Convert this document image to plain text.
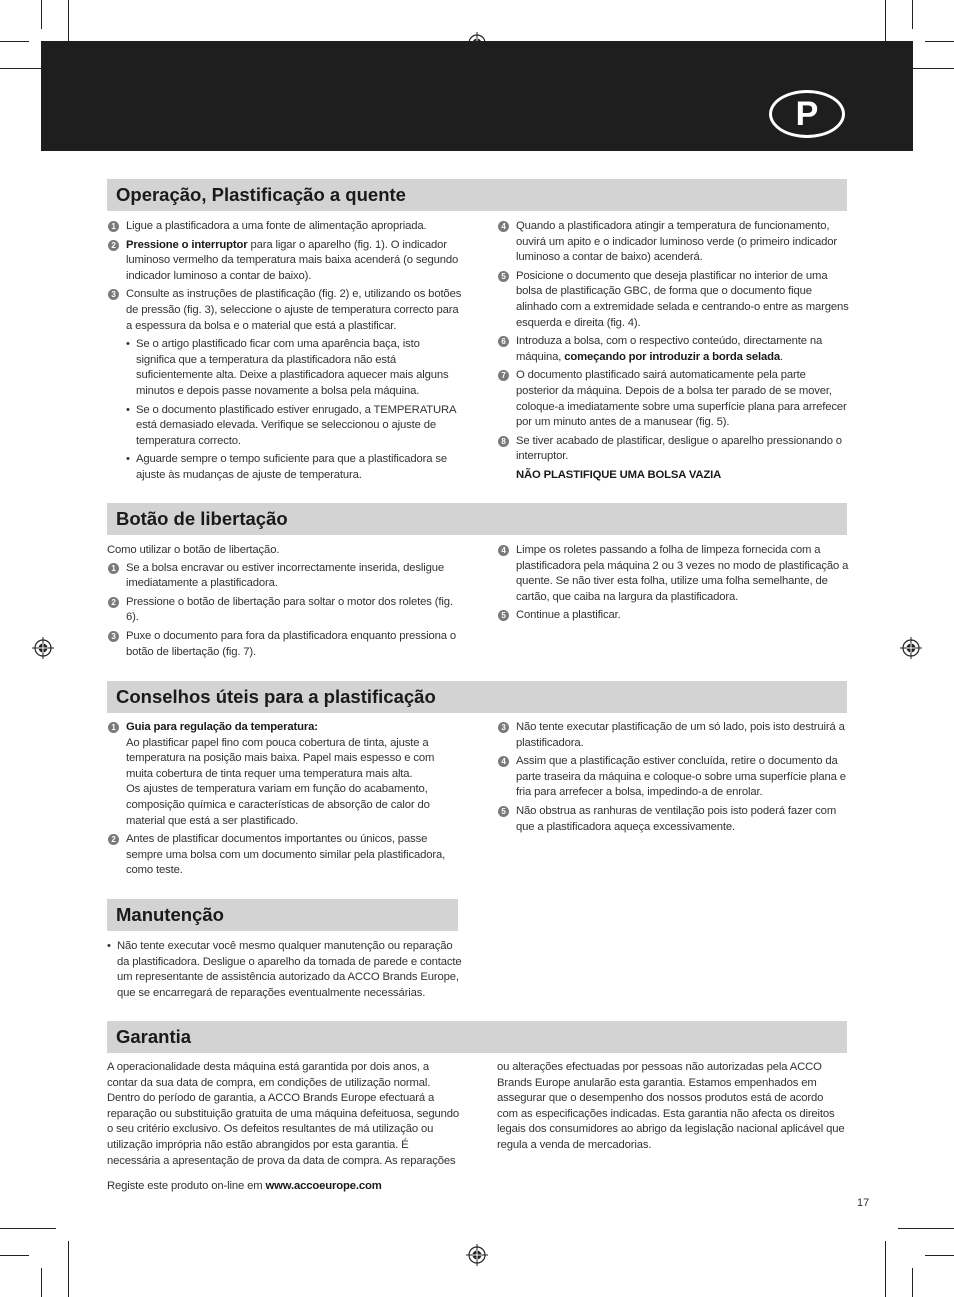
P
Operação, Plastificação a quente
1 Ligue a plastificadora a uma fonte de alimentação apropriada.
2 Pressione o interruptor para ligar o aparelho (fig. 1). O indicador luminoso vermelho da temperatura mais baixa acenderá (o segundo indicador luminoso a contar de baixo).
3 Consulte as instruções de plastificação (fig. 2) e, utilizando os botões de pressão (fig. 3), seleccione o ajuste de temperatura correcto para a espessura da bolsa e o material que está a plastificar.
• Se o artigo plastificado ficar com uma aparência baça, isto significa que a temperatura da plastificadora não está suficientemente alta. Deixe a plastificadora aquecer mais alguns minutos e depois passe novamente a bolsa pela máquina.
• Se o documento plastificado estiver enrugado, a TEMPERATURA está demasiado elevada. Verifique se seleccionou o ajuste de temperatura correcto.
• Aguarde sempre o tempo suficiente para que a plastificadora se ajuste às mudanças de ajuste de temperatura.
4 Quando a plastificadora atingir a temperatura de funcionamento, ouvirá um apito e o indicador luminoso verde (o primeiro indicador luminoso a contar de baixo) acenderá.
5 Posicione o documento que deseja plastificar no interior de uma bolsa de plastificação GBC, de forma que o documento fique alinhado com a extremidade selada e centrando-o entre as margens esquerda e direita (fig. 4).
6 Introduza a bolsa, com o respectivo conteúdo, directamente na máquina, começando por introduzir a borda selada.
7 O documento plastificado sairá automaticamente pela parte posterior da máquina. Depois de a bolsa ter parado de se mover, coloque-a imediatamente sobre uma superfície plana para arrefecer por um minuto antes de a manusear (fig. 5).
8 Se tiver acabado de plastificar, desligue o aparelho pressionando o interruptor.
NÃO PLASTIFIQUE UMA BOLSA VAZIA
Botão de libertação
Como utilizar o botão de libertação.
1 Se a bolsa encravar ou estiver incorrectamente inserida, desligue imediatamente a plastificadora.
2 Pressione o botão de libertação para soltar o motor dos roletes (fig. 6).
3 Puxe o documento para fora da plastificadora enquanto pressiona o botão de libertação (fig. 7).
4 Limpe os roletes passando a folha de limpeza fornecida com a plastificadora pela máquina 2 ou 3 vezes no modo de plastificação a quente. Se não tiver esta folha, utilize uma folha semelhante, de cartão, que caiba na largura da plastificadora.
5 Continue a plastificar.
Conselhos úteis para a plastificação
1 Guia para regulação da temperatura:
Ao plastificar papel fino com pouca cobertura de tinta, ajuste a temperatura na posição mais baixa. Papel mais espesso e com muita cobertura de tinta requer uma temperatura mais alta.
Os ajustes de temperatura variam em função do acabamento, composição química e características de absorção de calor do material que está a ser plastificado.
2 Antes de plastificar documentos importantes ou únicos, passe sempre uma bolsa com um documento similar pela plastificadora, como teste.
3 Não tente executar plastificação de um só lado, pois isto destruirá a plastificadora.
4 Assim que a plastificação estiver concluída, retire o documento da parte traseira da máquina e coloque-o sobre uma superfície plana e fria para arrefecer a bolsa, impedindo-a de enrolar.
5 Não obstrua as ranhuras de ventilação pois isto poderá fazer com que a plastificadora aqueça excessivamente.
Manutenção
• Não tente executar você mesmo qualquer manutenção ou reparação da plastificadora. Desligue o aparelho da tomada de parede e contacte um representante de assistência autorizado da ACCO Brands Europe, que se encarregará de reparações eventualmente necessárias.
Garantia
A operacionalidade desta máquina está garantida por dois anos, a contar da sua data de compra, em condições de utilização normal. Dentro do período de garantia, a ACCO Brands Europe efectuará a reparação ou substituição gratuita de uma máquina defeituosa, segundo o seu critério exclusivo. Os defeitos resultantes de má utilização ou utilização imprópria não estão abrangidos por esta garantia. É necessária a apresentação de prova da data de compra. As reparações
Registe este produto on-line em www.accoeurope.com
ou alterações efectuadas por pessoas não autorizadas pela ACCO Brands Europe anularão esta garantia. Estamos empenhados em assegurar que o desempenho dos nossos produtos está de acordo com as especificações indicadas. Esta garantia não afecta os direitos legais dos consumidores ao abrigo da legislação nacional aplicável que regula a venda de mercadorias.
17
